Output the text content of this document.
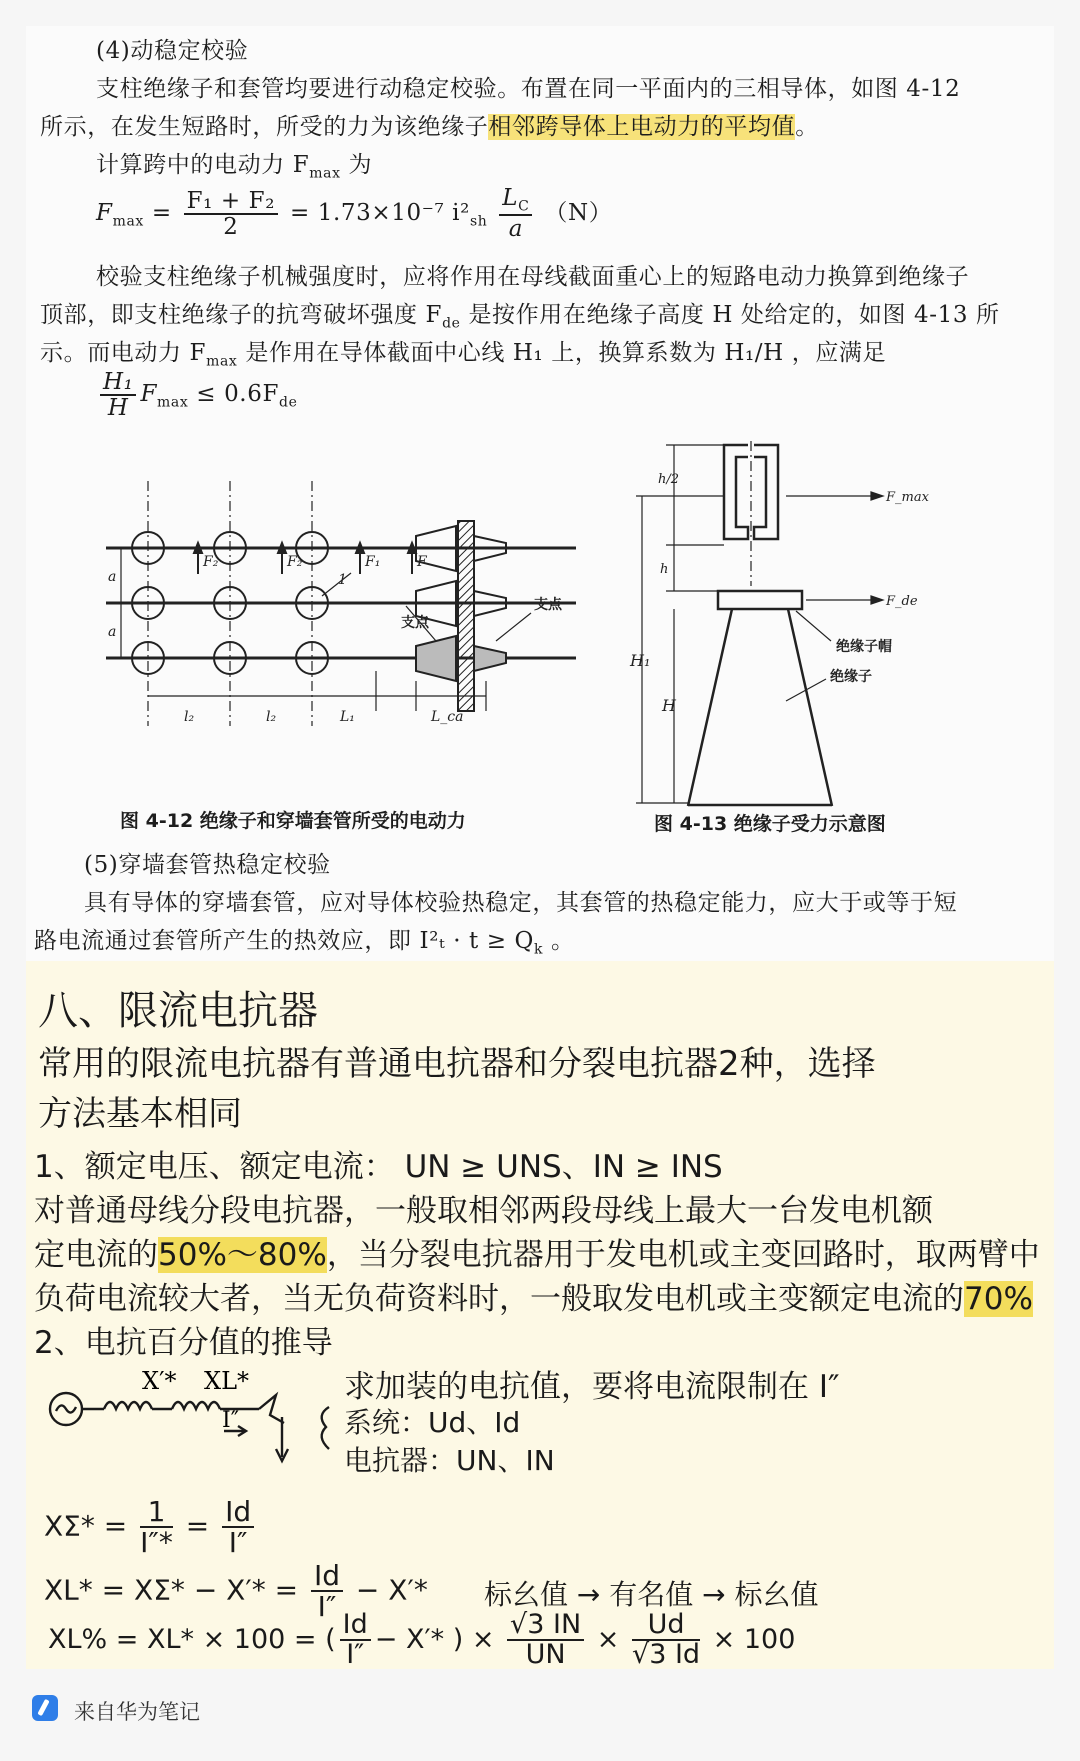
(4)动稳定校验
支柱绝缘子和套管均要进行动稳定校验。布置在同一平面内的三相导体，如图 4-12
所示，在发生短路时，所受的力为该绝缘子相邻跨导体上电动力的平均值。
计算跨中的电动力 $F_{max}$ 为
$F_{max} = \frac{\text{F₁ + F₂}}{2} = 1.73\times 10^{-7}$ $i^2_{sh} \frac{L_C}{a} (N)$
校验支柱绝缘子机械强度时，应将作用在母线截面重心上的短路电动力换算到绝缘子
顶部，即支柱绝缘子的抗弯破坏强度 $F_{de}$ 是按作用在绝缘子高度 H 处给定的，如图 4-13 所
示。而电动力 $F_{max}$ 是作用在导体截面中心线 H₁ 上，换算系数为 H₁/H ，应满足
$\frac{\text{H₁}}{H} F_{max} \le 0.6F_{de}$
a
a
F₂	F₂	F₁	F
1
l₂	l₂	L₁	L_ca
支点
支点
F_max
F_de
h/2
h
H₁
H
绝缘子帽
绝缘子
图 4-12 绝缘子和穿墙套管所受的电动力	图 4-13 绝缘子受力示意图
(5)穿墙套管热稳定校验
具有导体的穿墙套管，应对导体校验热稳定，其套管的热稳定能力，应大于或等于短
路电流通过套管所产生的热效应，即 $I^2_t \cdot t \ge Q_k$ 。
八、限流电抗器
常用的限流电抗器有普通电抗器和分裂电抗器2种，选择
方法基本相同
1、额定电压、额定电流： UN ≥ UNS、IN ≥ INS
对普通母线分段电抗器，一般取相邻两段母线上最大一台发电机额
定电流的50%～80%，当分裂电抗器用于发电机或主变回路时，取两臂中
负荷电流较大者，当无负荷资料时，一般取发电机或主变额定电流的70%
2、电抗百分值的推导
X′* XL*
I″
求加装的电抗值，要将电流限制在 I″
系统：Ud、Id
电抗器：UN、IN
$X\Sigma* = \frac{1}{I''*} = \frac{Id}{I''}$
$XL* = X\Sigma* - X'* = \frac{Id}{I''} - X'*$ 标幺值 → 有名值 → 标幺值
XL% = XL* × 100 = ( $\frac{Id}{I''} - X'*$ ) × $\frac{√3 IN}{UN} \times \frac{Ud}{√3 Id} \times 100$
来自华为笔记
